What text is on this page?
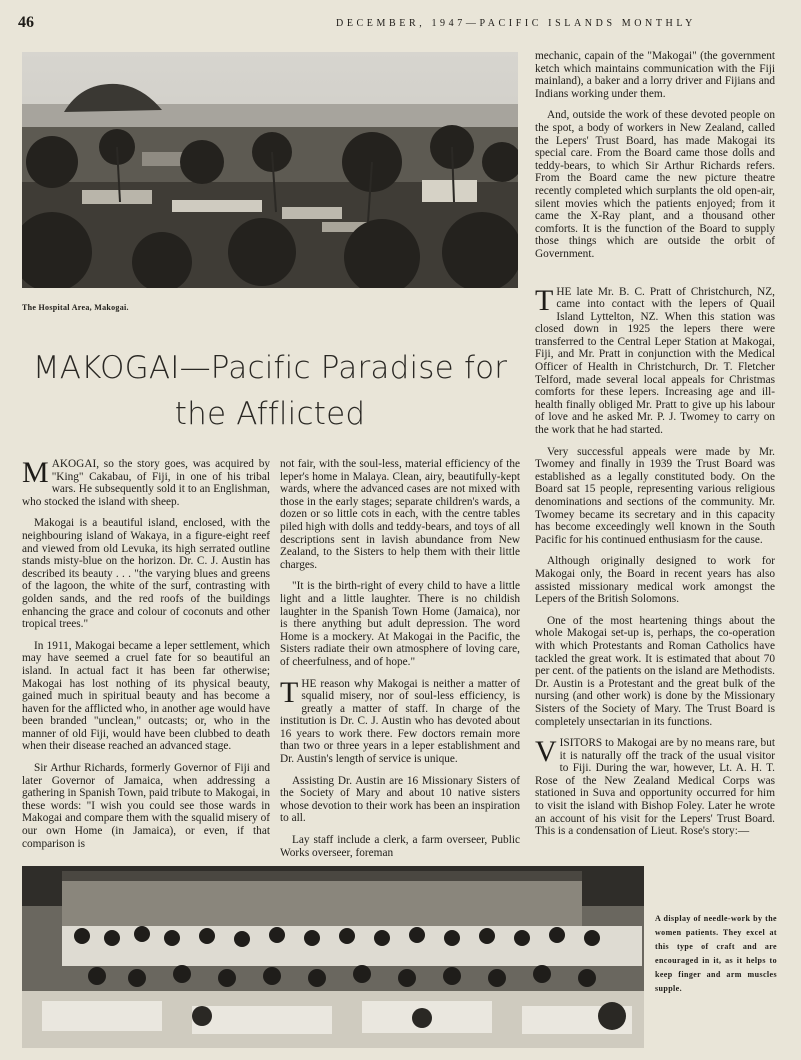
46	DECEMBER, 1947—PACIFIC ISLANDS MONTHLY
The Hospital Area, Makogai.
MAKOGAI—Pacific Paradise for
the Afflicted

MAKOGAI, so the story goes, was acquired by "King" Cakabau, of Fiji, in one of his tribal wars. He subsequently sold it to an Englishman, who stocked the island with sheep.

Makogai is a beautiful island, enclosed, with the neighbouring island of Wakaya, in a figure-eight reef and viewed from old Levuka, its high serrated outline stands misty-blue on the horizon. Dr. C. J. Austin has described its beauty . . . "the varying blues and greens of the lagoon, the white of the surf, contrasting with golden sands, and the red roofs of the buildings enhancing the grace and colour of coconuts and other tropical trees."

In 1911, Makogai became a leper settlement, which may have seemed a cruel fate for so beautiful an island. In actual fact it has been far otherwise; Makogai has lost nothing of its physical beauty, gained much in spiritual beauty and has become a haven for the afflicted who, in another age would have been branded "unclean," outcasts; or, who in the manner of old Fiji, would have been clubbed to death when their disease reached an advanced stage.

Sir Arthur Richards, formerly Governor of Fiji and later Governor of Jamaica, when addressing a gathering in Spanish Town, paid tribute to Makogai, in these words: "I wish you could see those wards in Makogai and compare them with the squalid misery of our own Home (in Jamaica), or even, if that comparison is

not fair, with the soul-less, material efficiency of the leper's home in Malaya. Clean, airy, beautifully-kept wards, where the advanced cases are not mixed with those in the early stages; separate children's wards, a dozen or so little cots in each, with the centre tables piled high with dolls and teddy-bears, and toys of all descriptions sent in lavish abundance from New Zealand, to the Sisters to help them with their little charges.

"It is the birth-right of every child to have a little light and a little laughter. There is no childish laughter in the Spanish Town Home (Jamaica), nor is there anything but adult depression. The word Home is a mockery. At Makogai in the Pacific, the Sisters radiate their own atmosphere of loving care, of cheerfulness, and of hope."

THE reason why Makogai is neither a matter of squalid misery, nor of soul-less efficiency, is greatly a matter of staff. In charge of the institution is Dr. C. J. Austin who has devoted about 16 years to work there. Few doctors remain more than two or three years in a leper establishment and Dr. Austin's length of service is unique.

Assisting Dr. Austin are 16 Missionary Sisters of the Society of Mary and about 10 native sisters whose devotion to their work has been an inspiration to all.

Lay staff include a clerk, a farm overseer, Public Works overseer, foreman

mechanic, capain of the "Makogai" (the government ketch which maintains communication with the Fiji mainland), a baker and a lorry driver and Fijians and Indians working under them.

And, outside the work of these devoted people on the spot, a body of workers in New Zealand, called the Lepers' Trust Board, has made Makogai its special care. From the Board came those dolls and teddy-bears, to which Sir Arthur Richards refers. From the Board came the new picture theatre recently completed which surplants the old open-air, silent movies which the patients enjoyed; from it came the X-Ray plant, and a thousand other comforts. It is the function of the Board to supply those things which are outside the orbit of Government.

THE late Mr. B. C. Pratt of Christchurch, NZ, came into contact with the lepers of Quail Island Lyttelton, NZ. When this station was closed down in 1925 the lepers there were transferred to the Central Leper Station at Makogai, Fiji, and Mr. Pratt in conjunction with the Medical Officer of Health in Christchurch, Dr. T. Fletcher Telford, made several local appeals for Christmas comforts for these lepers. Increasing age and ill-health finally obliged Mr. Pratt to give up his labour of love and he asked Mr. P. J. Twomey to carry on the work that he had started.

Very successful appeals were made by Mr. Twomey and finally in 1939 the Trust Board was established as a legally constituted body. On the Board sat 15 people, representing various religious denominations and sections of the community. Mr. Twomey became its secretary and in this capacity has become exceedingly well known in the South Pacific for his continued enthusiasm for the cause.

Although originally designed to work for Makogai only, the Board in recent years has also assisted missionary medical work amongst the Lepers of the British Solomons.

One of the most heartening things about the whole Makogai set-up is, perhaps, the co-operation with which Protestants and Roman Catholics have tackled the great work. It is estimated that about 70 per cent. of the patients on the island are Methodists. Dr. Austin is a Protestant and the great bulk of the nursing (and other work) is done by the Missionary Sisters of the Society of Mary. The Trust Board is completely unsectarian in its functions.

VISITORS to Makogai are by no means rare, but it is naturally off the track of the usual visitor to Fiji. During the war, however, Lt. A. H. T. Rose of the New Zealand Medical Corps was stationed in Suva and opportunity occurred for him to visit the island with Bishop Foley. Later he wrote an account of his visit for the Lepers' Trust Board. This is a condensation of Lieut. Rose's story:—

A display of needle-work by the women patients. They excel at this type of craft and are encouraged in it, as it helps to keep finger and arm muscles supple.
